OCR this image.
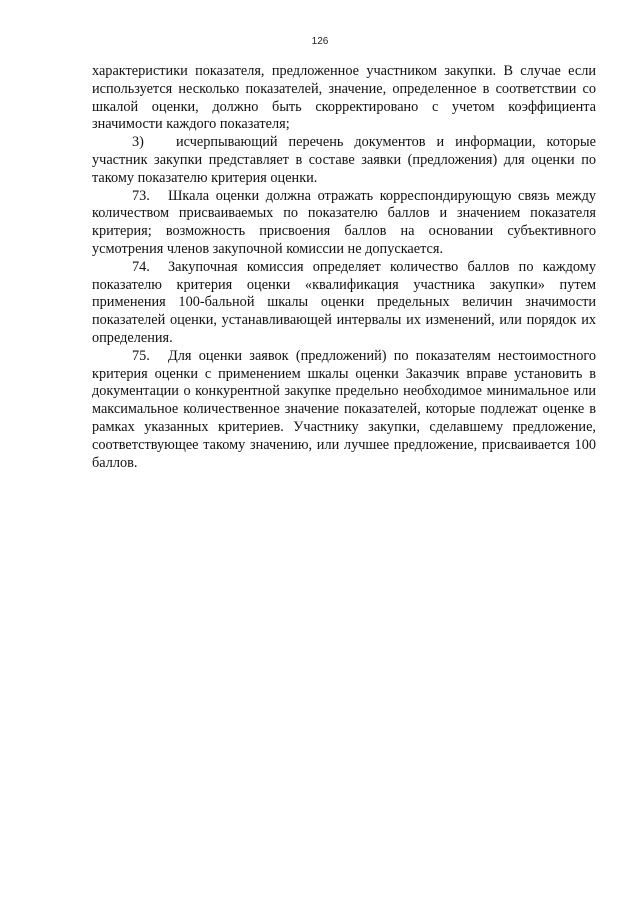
126

характеристики показателя, предложенное участником закупки. В случае если используется несколько показателей, значение, определенное в соответствии со шкалой оценки, должно быть скорректировано с учетом коэффициента значимости каждого показателя;

3) исчерпывающий перечень документов и информации, которые участник закупки представляет в составе заявки (предложения) для оценки по такому показателю критерия оценки.

73. Шкала оценки должна отражать корреспондирующую связь между количеством присваиваемых по показателю баллов и значением показателя критерия; возможность присвоения баллов на основании субъективного усмотрения членов закупочной комиссии не допускается.

74. Закупочная комиссия определяет количество баллов по каждому показателю критерия оценки «квалификация участника закупки» путем применения 100-бальной шкалы оценки предельных величин значимости показателей оценки, устанавливающей интервалы их изменений, или порядок их определения.

75. Для оценки заявок (предложений) по показателям нестоимостного критерия оценки с применением шкалы оценки Заказчик вправе установить в документации о конкурентной закупке предельно необходимое минимальное или максимальное количественное значение показателей, которые подлежат оценке в рамках указанных критериев. Участнику закупки, сделавшему предложение, соответствующее такому значению, или лучшее предложение, присваивается 100 баллов.
